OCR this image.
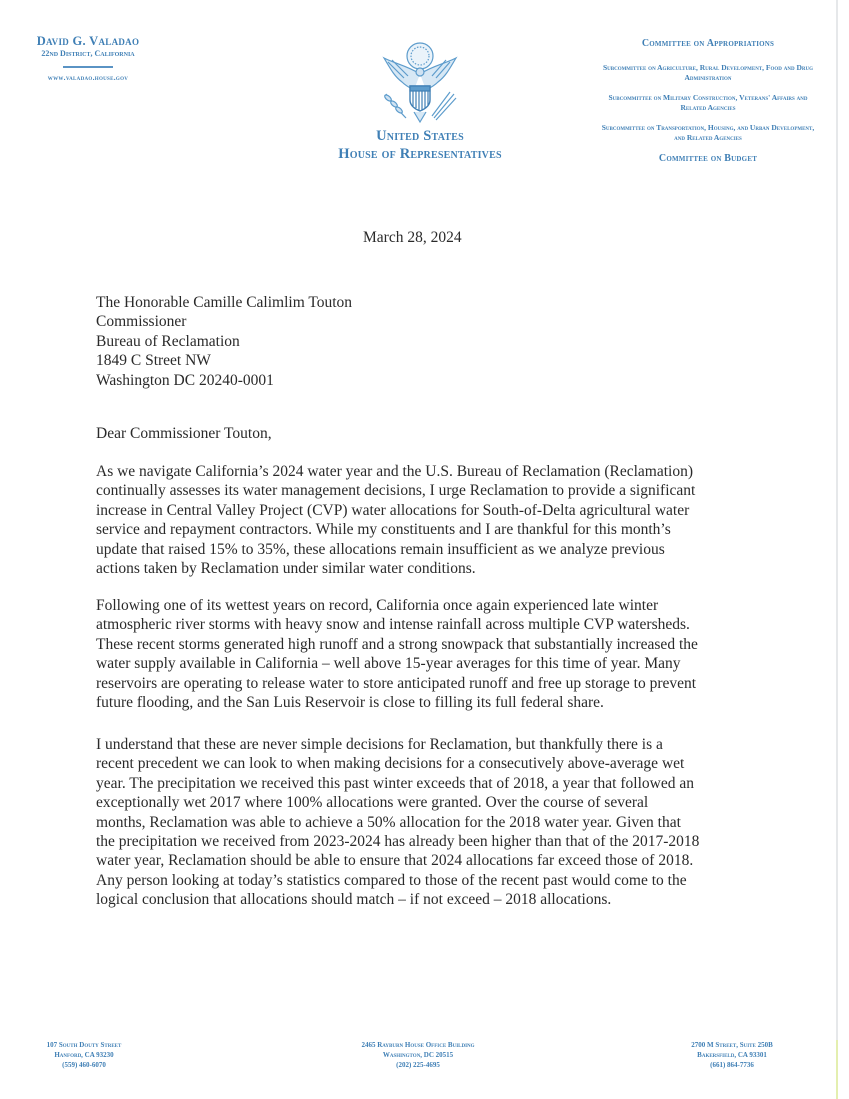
David G. Valadao
22nd District, California
www.valadao.house.gov
United States
House of Representatives
Committee on Appropriations
Subcommittee on Agriculture, Rural Development, Food and Drug Administration
Subcommittee on Military Construction, Veterans' Affairs and Related Agencies
Subcommittee on Transportation, Housing, and Urban Development, and Related Agencies
Committee on Budget
March 28, 2024
The Honorable Camille Calimlim Touton
Commissioner
Bureau of Reclamation
1849 C Street NW
Washington DC 20240-0001
Dear Commissioner Touton,
As we navigate California’s 2024 water year and the U.S. Bureau of Reclamation (Reclamation)
continually assesses its water management decisions, I urge Reclamation to provide a significant
increase in Central Valley Project (CVP) water allocations for South-of-Delta agricultural water
service and repayment contractors. While my constituents and I are thankful for this month’s
update that raised 15% to 35%, these allocations remain insufficient as we analyze previous
actions taken by Reclamation under similar water conditions.
Following one of its wettest years on record, California once again experienced late winter
atmospheric river storms with heavy snow and intense rainfall across multiple CVP watersheds.
These recent storms generated high runoff and a strong snowpack that substantially increased the
water supply available in California – well above 15-year averages for this time of year. Many
reservoirs are operating to release water to store anticipated runoff and free up storage to prevent
future flooding, and the San Luis Reservoir is close to filling its full federal share.
I understand that these are never simple decisions for Reclamation, but thankfully there is a
recent precedent we can look to when making decisions for a consecutively above-average wet
year. The precipitation we received this past winter exceeds that of 2018, a year that followed an
exceptionally wet 2017 where 100% allocations were granted. Over the course of several
months, Reclamation was able to achieve a 50% allocation for the 2018 water year. Given that
the precipitation we received from 2023-2024 has already been higher than that of the 2017-2018
water year, Reclamation should be able to ensure that 2024 allocations far exceed those of 2018.
Any person looking at today’s statistics compared to those of the recent past would come to the
logical conclusion that allocations should match – if not exceed – 2018 allocations.
107 South Douty Street
Hanford, CA 93230
(559) 460-6070
2465 Rayburn House Office Building
Washington, DC 20515
(202) 225-4695
2700 M Street, Suite 250B
Bakersfield, CA 93301
(661) 864-7736
